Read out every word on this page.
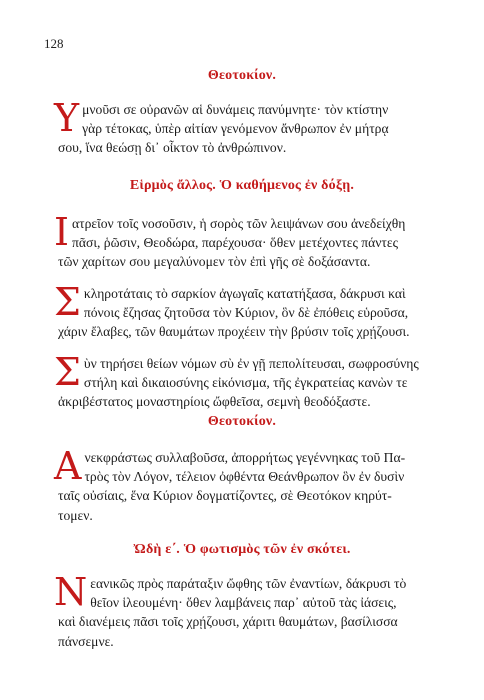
128
Θεοτοκίον.
Υ μνοῦσι σε οὐρανῶν αἱ δυνάμεις πανύμνητε· τὸν κτίστην
γὰρ τέτοκας, ὑπὲρ αἰτίαν γενόμενον ἄνθρωπον ἐν μήτρᾳ
σου, ἵνα θεώσῃ δι᾽ οἶκτον τὸ ἀνθρώπινον.
Εἱρμὸς ἄλλος. Ὁ καθήμενος ἐν δόξῃ.
Ι ατρεῖον τοῖς νοσοῦσιν, ἡ σορὸς τῶν λειψάνων σου ἀνεδείχθη
πᾶσι, ῥῶσιν, Θεοδώρα, παρέχουσα· ὅθεν μετέχοντες πάντες
τῶν χαρίτων σου μεγαλύνομεν τὸν ἐπὶ γῆς σὲ δοξάσαντα.
Σ κληροτάταις τὸ σαρκίον ἀγωγαῖς κατατήξασα, δάκρυσι καὶ
πόνοις ἔζησας ζητοῦσα τὸν Κύριον, ὃν δὲ ἐπόθεις εὑροῦσα,
χάριν ἔλαβες, τῶν θαυμάτων προχέειν τὴν βρύσιν τοῖς χρῄζουσι.
Σ ὺν τηρήσει θείων νόμων σὺ ἐν γῇ πεπολίτευσαι, σωφροσύνης
στήλη καὶ δικαιοσύνης εἰκόνισμα, τῆς ἐγκρατείας κανὼν τε
ἀκριβέστατος μοναστηρίοις ὤφθεῖσα, σεμνὴ θεοδόξαστε.
Θεοτοκίον.
Α νεκφράστως συλλαβοῦσα, ἀπορρήτως γεγέννηκας τοῦ Πα-
τρὸς τὸν Λόγον, τέλειον ὀφθέντα Θεάνθρωπον ὃν ἐν δυσὶν
ταῖς οὐσίαις, ἕνα Κύριον δογματίζοντες, σὲ Θεοτόκον κηρύτ-
τομεν.
Ὠδὴ ε΄. Ὁ φωτισμὸς τῶν ἐν σκότει.
Ν εανικῶς πρὸς παράταξιν ὤφθης τῶν ἐναντίων, δάκρυσι τὸ
θεῖον ἱλεουμένη· ὅθεν λαμβάνεις παρ᾽ αὐτοῦ τὰς ἰάσεις,
καὶ διανέμεις πᾶσι τοῖς χρῄζουσι, χάριτι θαυμάτων, βασίλισσα
πάνσεμνε.
